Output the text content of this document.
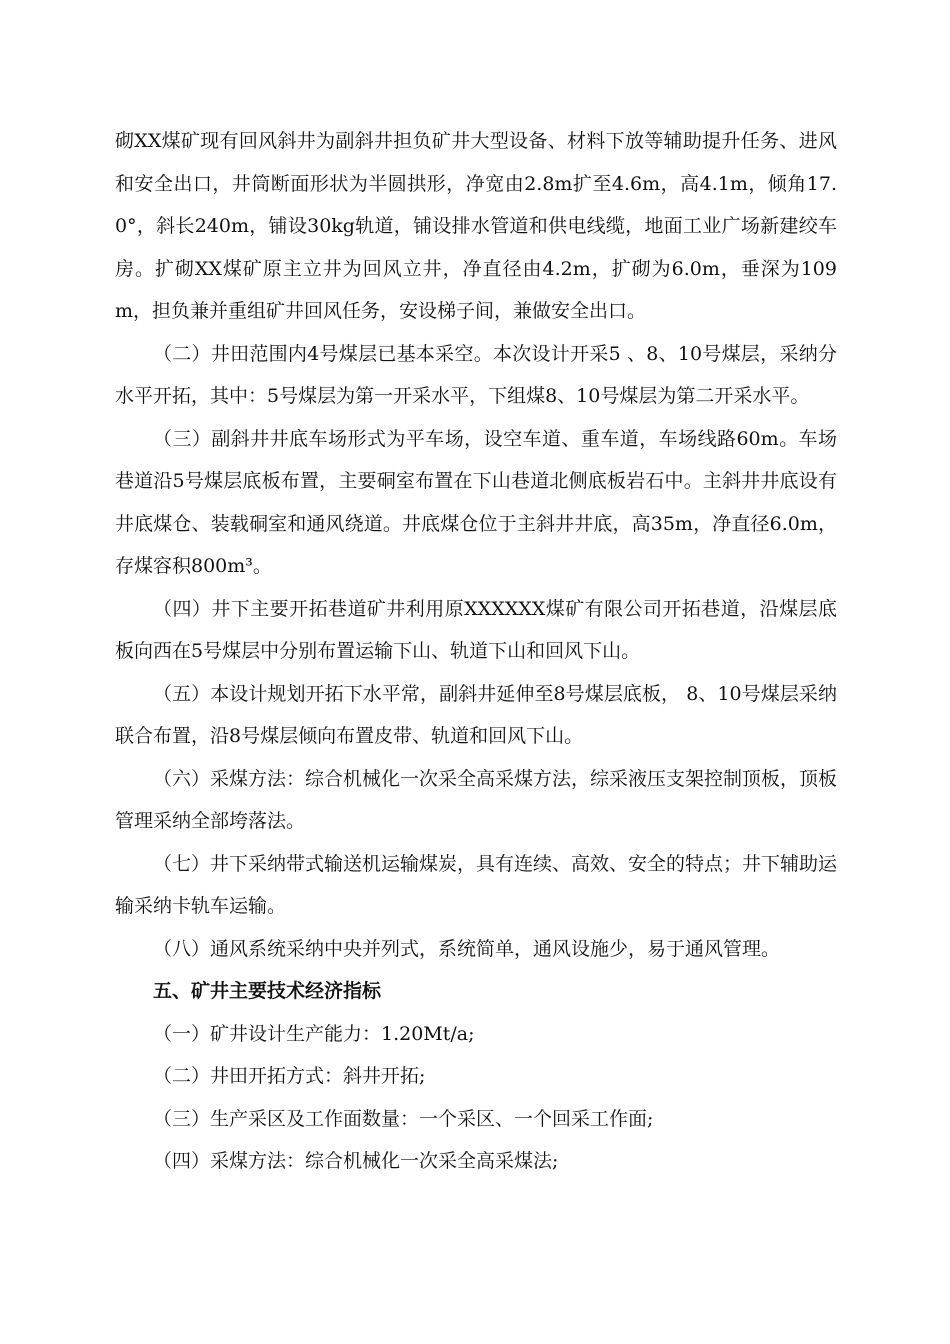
砌XX煤矿现有回风斜井为副斜井担负矿井大型设备、材料下放等辅助提升任务、进风和安全出口，井筒断面形状为半圆拱形，净宽由2.8m扩至4.6m，高4.1m，倾角17.0°，斜长240m，铺设30kg轨道，铺设排水管道和供电线缆，地面工业广场新建绞车房。扩砌XX煤矿原主立井为回风立井，净直径由4.2m，扩砌为6.0m，垂深为109m，担负兼并重组矿井回风任务，安设梯子间，兼做安全出口。

（二）井田范围内4号煤层已基本采空。本次设计开采5 、8、10号煤层，采纳分水平开拓，其中：5号煤层为第一开采水平，下组煤8、10号煤层为第二开采水平。

（三）副斜井井底车场形式为平车场，设空车道、重车道，车场线路60m。车场巷道沿5号煤层底板布置，主要硐室布置在下山巷道北侧底板岩石中。主斜井井底设有井底煤仓、装载硐室和通风绕道。井底煤仓位于主斜井井底，高35m，净直径6.0m，存煤容积800m³。

（四）井下主要开拓巷道矿井利用原XXXXXX煤矿有限公司开拓巷道，沿煤层底板向西在5号煤层中分别布置运输下山、轨道下山和回风下山。

（五）本设计规划开拓下水平常，副斜井延伸至8号煤层底板， 8、10号煤层采纳联合布置，沿8号煤层倾向布置皮带、轨道和回风下山。

（六）采煤方法：综合机械化一次采全高采煤方法，综采液压支架控制顶板，顶板管理采纳全部垮落法。

（七）井下采纳带式输送机运输煤炭，具有连续、高效、安全的特点；井下辅助运输采纳卡轨车运输。

（八）通风系统采纳中央并列式，系统简单，通风设施少，易于通风管理。

五、矿井主要技术经济指标

（一）矿井设计生产能力：1.20Mt/a;

（二）井田开拓方式：斜井开拓;

（三）生产采区及工作面数量：一个采区、一个回采工作面;

（四）采煤方法：综合机械化一次采全高采煤法;
